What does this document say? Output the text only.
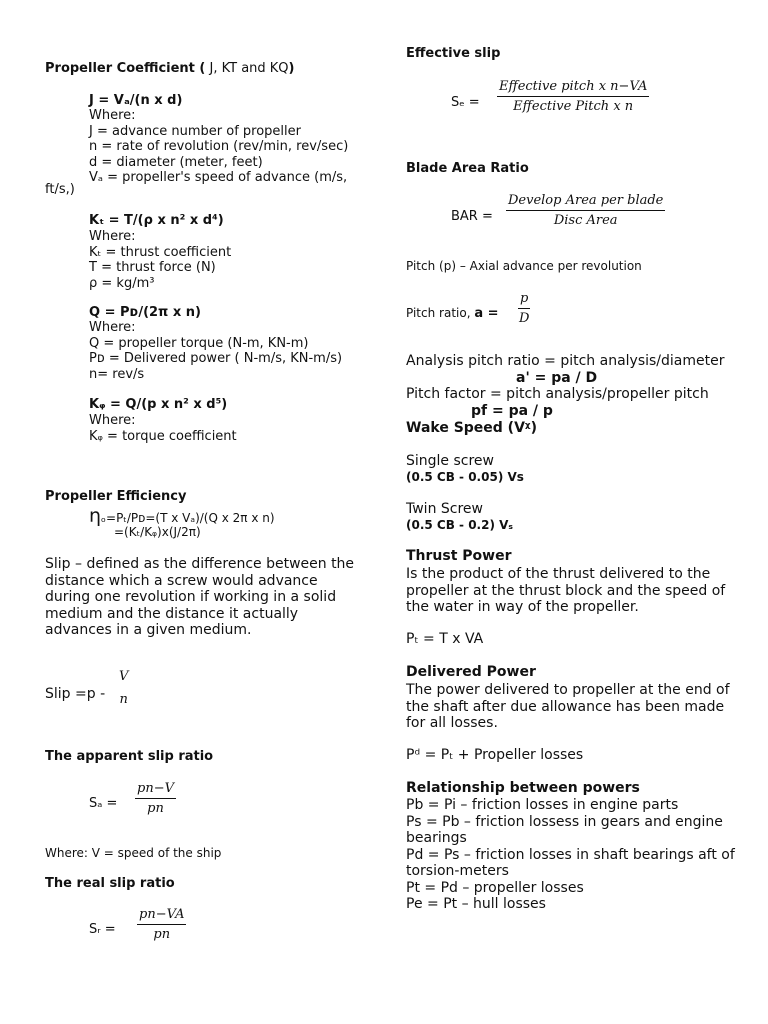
Propeller Coefficient ( J, KT and KQ)
J = Vₐ/(n x d)
Where:
J = advance number of propeller
n = rate of revolution (rev/min, rev/sec)
d = diameter (meter, feet)
Vₐ = propeller's speed of advance (m/s,
ft/s,)
Kₜ = T/(ρ x n² x d⁴)
Where:
Kₜ = thrust coefficient
T = thrust force (N)
ρ = kg/m³
Q = Pᴅ/(2π x n)
Where:
Q = propeller torque (N-m, KN-m)
Pᴅ = Delivered power ( N-m/s, KN-m/s)
n= rev/s
Kᵩ = Q/(p x n² x d⁵)
Where:
Kᵩ = torque coefficient
Propeller Efficiency
ηₒ=Pₜ/Pᴅ=(T x Vₐ)/(Q x 2π x n)
=(Kₜ/Kᵩ)x(J/2π)
Slip – defined as the difference between the distance which a screw would advance during one revolution if working in a solid medium and the distance it actually advances in a given medium.
Slip =p -
V
n
The apparent slip ratio
$S_a = \frac{pn-V}{pn}$
Where: V = speed of the ship
The real slip ratio
Sᵣ = $\frac{pn-VA}{pn}$
Effective slip
Sₑ =
Effective pitch x n−VA
Effective Pitch x n
Blade Area Ratio
BAR =
Develop Area per blade
Disc Area
Pitch (p) – Axial advance per revolution
Pitch ratio, $a = \frac{p}{D}$
Analysis pitch ratio = pitch analysis/diameter
a' = pa / D
Pitch factor = pitch analysis/propeller pitch
pf = pa / p
Wake Speed (Vᵡ)
Single screw
(0.5 CB - 0.05) Vs
Twin Screw
(0.5 CB - 0.2) Vₛ
Thrust Power
Is the product of the thrust delivered to the propeller at the thrust block and the speed of the water in way of the propeller.
Pₜ = T x VA
Delivered Power
The power delivered to propeller at the end of the shaft after due allowance has been made for all losses.
Pᵈ = Pₜ + Propeller losses
Relationship between powers
Pb = Pi – friction losses in engine parts
Ps = Pb – friction lossess in gears and engine bearings
Pd = Ps – friction losses in shaft bearings aft of torsion-meters
Pt = Pd – propeller losses
Pe = Pt – hull losses
